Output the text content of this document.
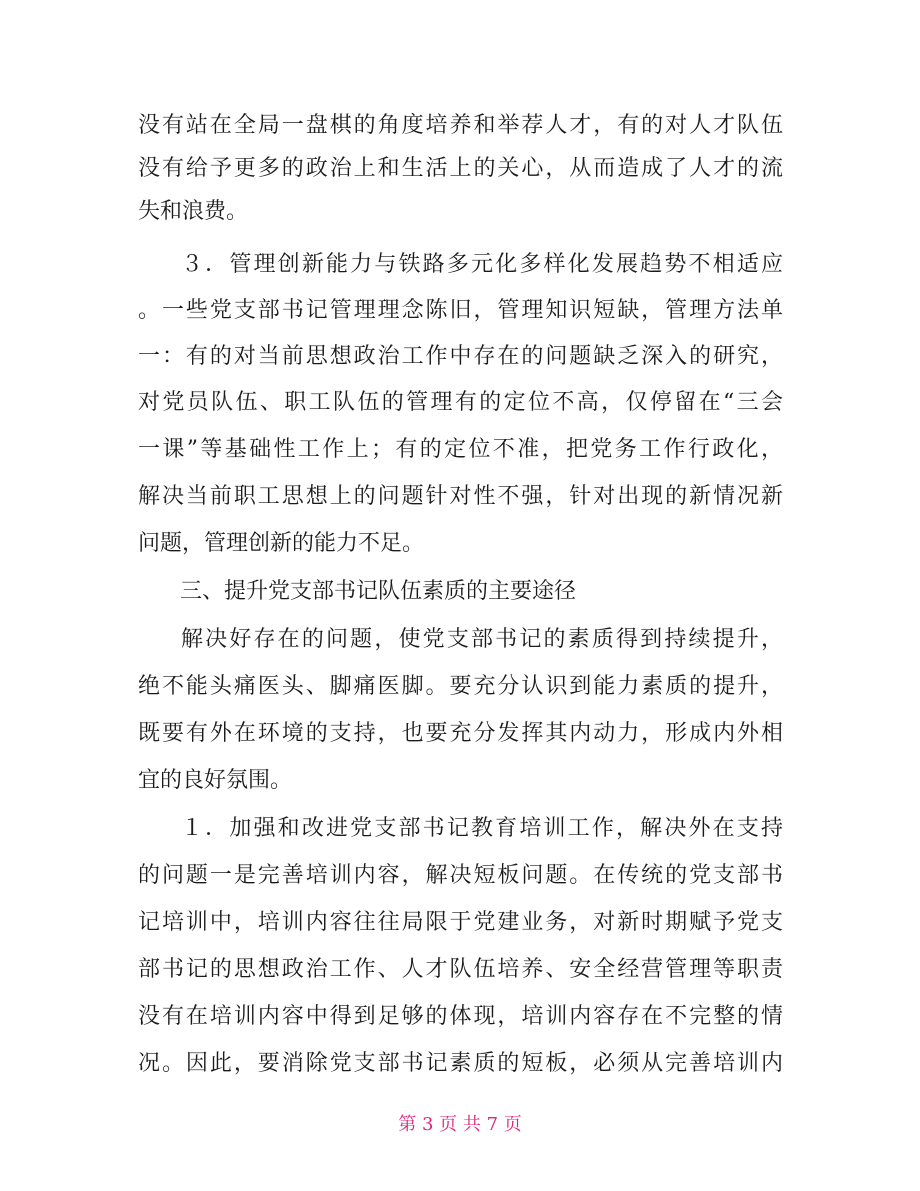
没有站在全局一盘棋的角度培养和举荐人才，有的对人才队伍
没有给予更多的政治上和生活上的关心，从而造成了人才的流
失和浪费。
３．管理创新能力与铁路多元化多样化发展趋势不相适应
。一些党支部书记管理理念陈旧，管理知识短缺，管理方法单
一：有的对当前思想政治工作中存在的问题缺乏深入的研究，
对党员队伍、职工队伍的管理有的定位不高，仅停留在“三会
一课”等基础性工作上；有的定位不准，把党务工作行政化，
解决当前职工思想上的问题针对性不强，针对出现的新情况新
问题，管理创新的能力不足。
三、提升党支部书记队伍素质的主要途径
解决好存在的问题，使党支部书记的素质得到持续提升，
绝不能头痛医头、脚痛医脚。要充分认识到能力素质的提升，
既要有外在环境的支持，也要充分发挥其内动力，形成内外相
宜的良好氛围。
１．加强和改进党支部书记教育培训工作，解决外在支持
的问题一是完善培训内容，解决短板问题。在传统的党支部书
记培训中，培训内容往往局限于党建业务，对新时期赋予党支
部书记的思想政治工作、人才队伍培养、安全经营管理等职责
没有在培训内容中得到足够的体现，培训内容存在不完整的情
况。因此，要消除党支部书记素质的短板，必须从完善培训内
第 3 页 共 7 页
